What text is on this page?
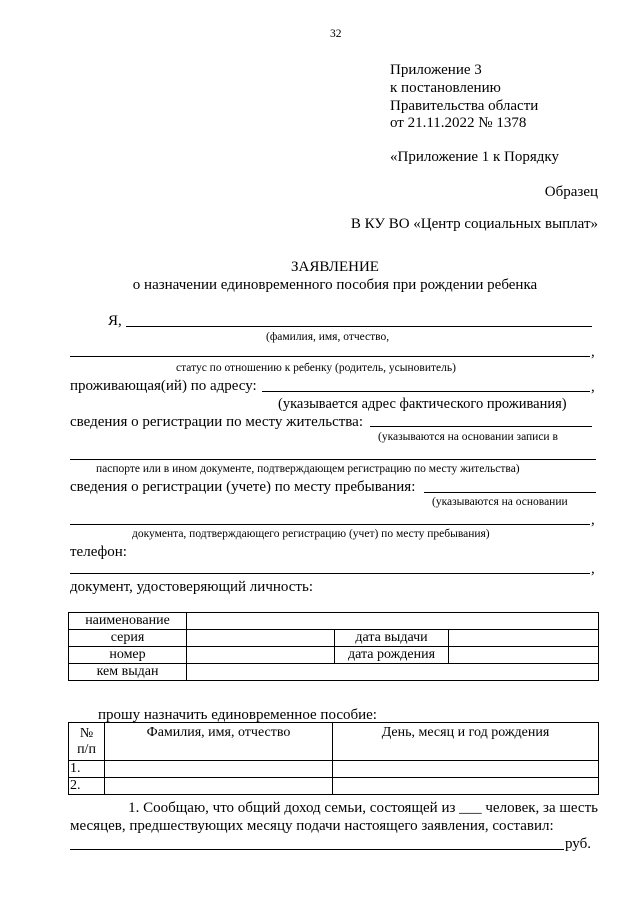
32
Приложение 3
к постановлению
Правительства области
от 21.11.2022 № 1378
«Приложение 1 к Порядку
Образец
В КУ ВО «Центр социальных выплат»
ЗАЯВЛЕНИЕ
о назначении единовременного пособия при рождении ребенка
Я,
(фамилия, имя, отчество,
,
статус по отношению к ребенку (родитель, усыновитель)
проживающая(ий) по адресу:	,
(указывается адрес фактического проживания)
сведения о регистрации по месту жительства:
(указываются на основании записи в
паспорте или в ином документе, подтверждающем регистрацию по месту жительства)
сведения о регистрации (учете) по месту пребывания:
(указываются на основании
,
документа, подтверждающего регистрацию (учет) по месту пребывания)
телефон:
,
документ, удостоверяющий личность:
наименование			
серия		дата выдачи	
номер		дата рождения	
кем выдан			
прошу назначить единовременное пособие:
№
п/п	Фамилия, имя, отчество	День, месяц и год рождения
1.		
2.		
1. Сообщаю, что общий доход семьи, состоящей из ___ человек, за шесть
месяцев, предшествующих месяцу подачи настоящего заявления, составил:
руб.
